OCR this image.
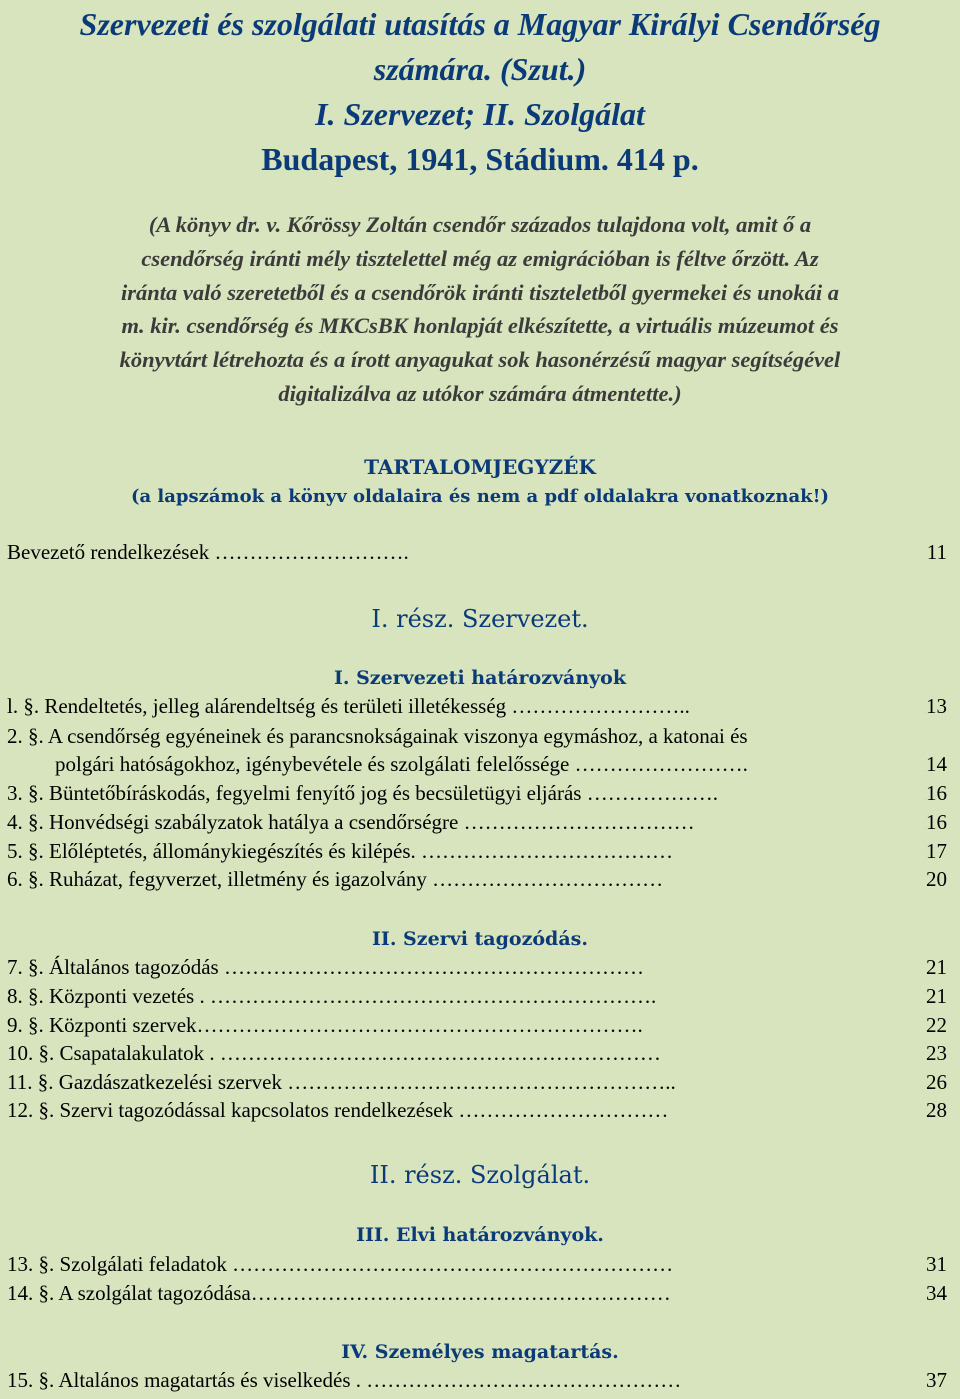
Szervezeti és szolgálati utasítás a Magyar Királyi Csendőrség
számára. (Szut.)
I. Szervezet; II. Szolgálat
Budapest, 1941, Stádium. 414 p.
(A könyv dr. v. Kőrössy Zoltán csendőr százados tulajdona volt, amit ő a
csendőrség iránti mély tisztelettel még az emigrációban is féltve őrzött. Az
iránta való szeretetből és a csendőrök iránti tiszteletből gyermekei és unokái a
m. kir. csendőrség és MKCsBK honlapját elkészítette, a virtuális múzeumot és
könyvtárt létrehozta és a írott anyagukat sok hasonérzésű magyar segítségével
digitalizálva az utókor számára átmentette.)
TARTALOMJEGYZÉK
(a lapszámok a könyv oldalaira és nem a pdf oldalakra vonatkoznak!)
Bevezető rendelkezések ……………………….	11
I. rész. Szervezet.
I. Szervezeti határozványok
l. §. Rendeltetés, jelleg alárendeltség és területi illetékesség ……………………..	13
2. §. A csendőrség egyéneinek és parancsnokságainak viszonya egymáshoz, a katonai és
polgári hatóságokhoz, igénybevétele és szolgálati felelőssége …………………….	14
3. §. Büntetőbíráskodás, fegyelmi fenyítő jog és becsületügyi eljárás ……………….	16
4. §. Honvédségi szabályzatok hatálya a csendőrségre ……………………………	16
5. §. Előléptetés, állománykiegészítés és kilépés. ………………………………	17
6. §. Ruházat, fegyverzet, illetmény és igazolvány ……………………………	20
II. Szervi tagozódás.
7. §. Általános tagozódás ……………………………………………………	21
8. §. Központi vezetés . ……………………………………………………….	21
9. §. Központi szervek……………………………………………………….	22
10. §. Csapatalakulatok . ………………………………………………………	23
11. §. Gazdászatkezelési szervek ………………………………………………..	26
12. §. Szervi tagozódással kapcsolatos rendelkezések …………………………	28
II. rész. Szolgálat.
III. Elvi határozványok.
13. §. Szolgálati feladatok ………………………………………………………	31
14. §. A szolgálat tagozódása……………………………………………………	34
IV. Személyes magatartás.
15. §. Altalános magatartás és viselkedés . ………………………………………	37
